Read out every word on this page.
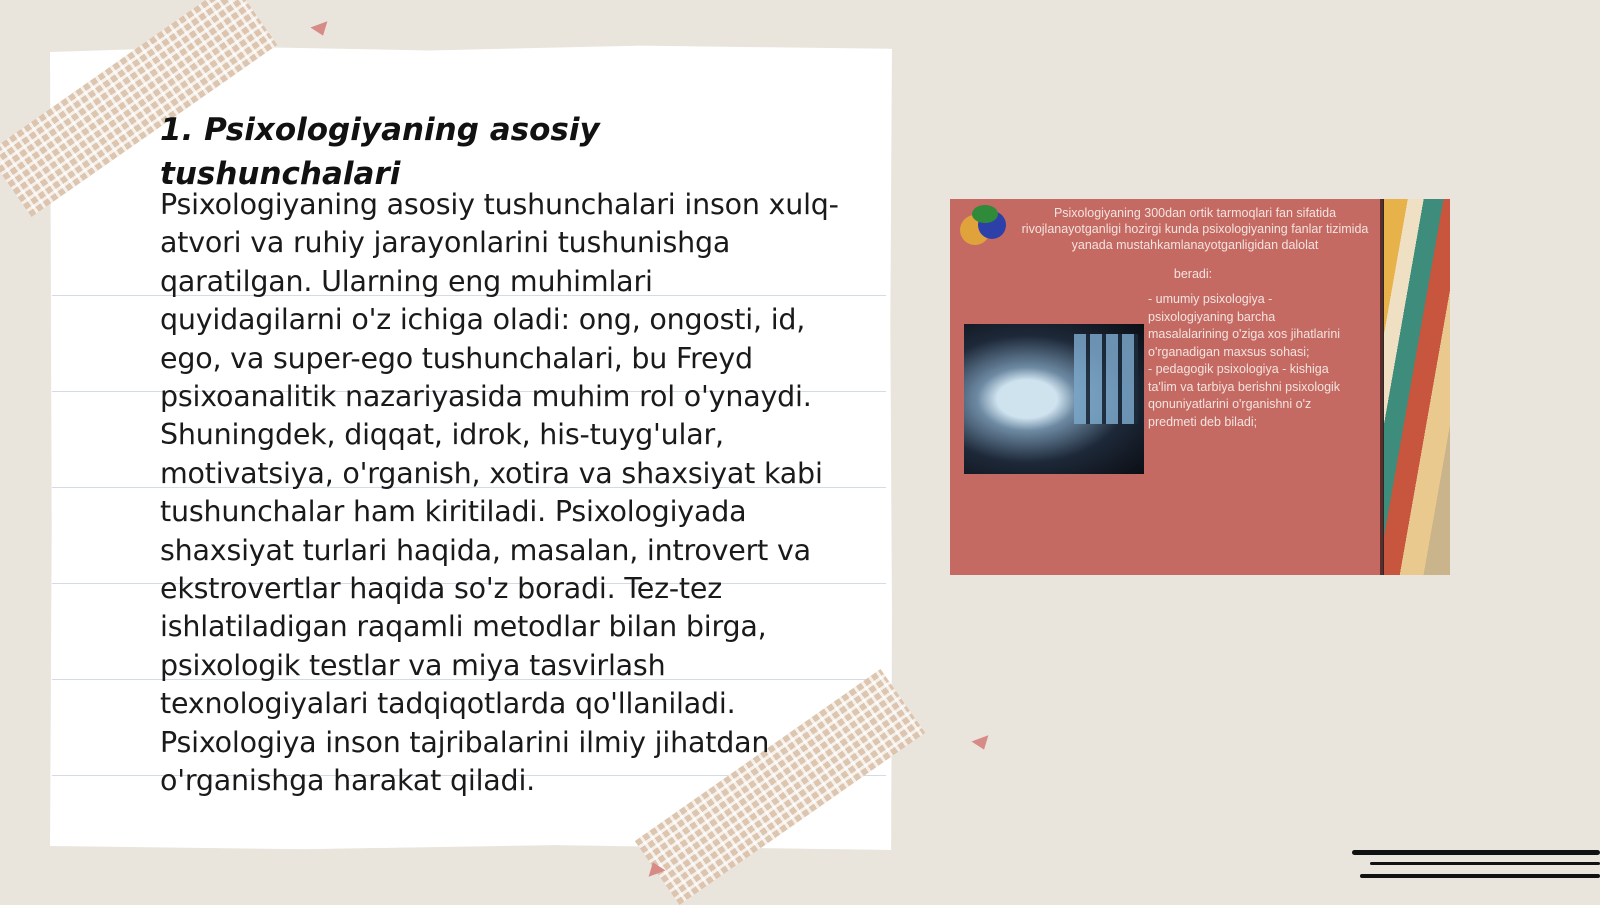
1. Psixologiyaning asosiy tushunchalari
Psixologiyaning asosiy tushunchalari inson xulq-atvori va ruhiy jarayonlarini tushunishga qaratilgan. Ularning eng muhimlari quyidagilarni o'z ichiga oladi: ong, ongosti, id, ego, va super-ego tushunchalari, bu Freyd psixoanalitik nazariyasida muhim rol o'ynaydi. Shuningdek, diqqat, idrok, his-tuyg'ular, motivatsiya, o'rganish, xotira va shaxsiyat kabi tushunchalar ham kiritiladi. Psixologiyada shaxsiyat turlari haqida, masalan, introvert va ekstrovertlar haqida so'z boradi. Tez-tez ishlatiladigan raqamli metodlar bilan birga, psixologik testlar va miya tasvirlash texnologiyalari tadqiqotlarda qo'llaniladi. Psixologiya inson tajribalarini ilmiy jihatdan o'rganishga harakat qiladi.
Psixologiyaning 300dan ortik tarmoqlari fan sifatida rivojlanayotganligi hozirgi kunda psixologiyaning fanlar tizimida yanada mustahkamlanayotganligidan dalolat
beradi:

- umumiy psixologiya - psixologiyaning barcha masalalarining o'ziga xos jihatlarini o'rganadigan maxsus sohasi;

- pedagogik psixologiya - kishiga ta'lim va tarbiya berishni psixologik qonuniyatlarini o'rganishni o'z predmeti deb biladi;
